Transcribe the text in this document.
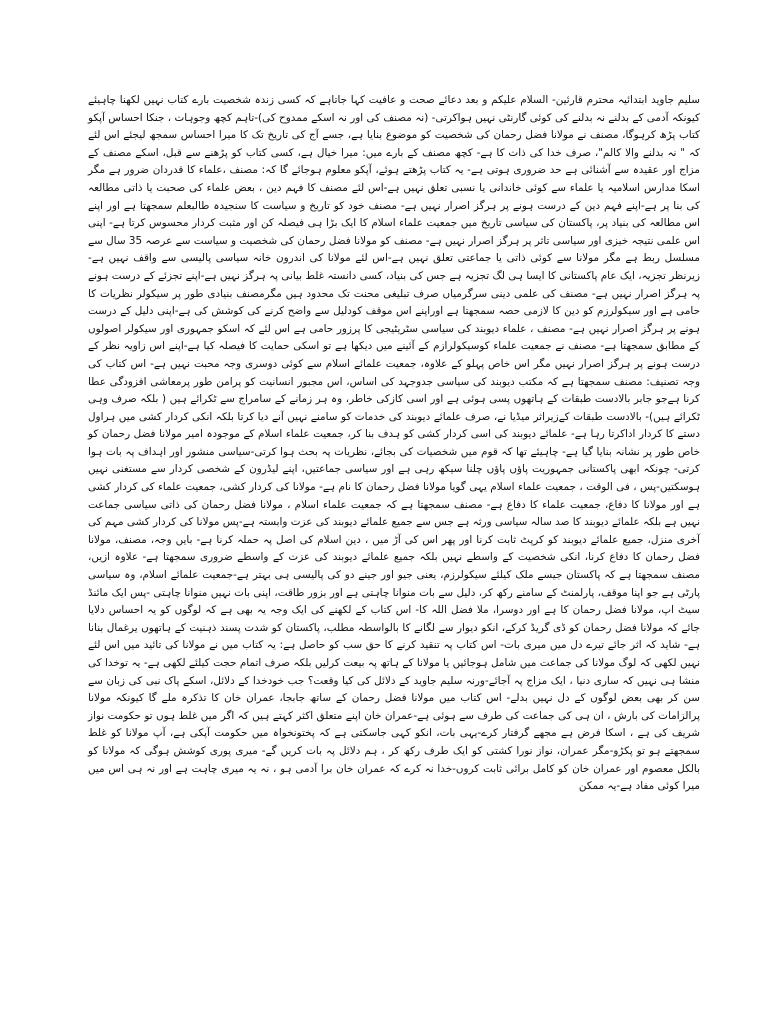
سلیم جاوید ابتدائیہ محترم قارئین- السلام علیکم و بعد دعائے صحت و عافیت کہا جاتاہے کہ کسی زندہ شخصیت بارے کتاب نہیں لکھنا چاہیئے کیونکہ آدمی کے بدلنے نہ بدلنے کی کوئی گارنٹی نہیں ہواکرتی- (نہ مصنف کی اور نہ اسکے ممدوح کی)-تاہم کچھ وجوہات ، جنکا احساس آپکو کتاب پڑھ کرہوگا، مصنف نے مولانا فضل رحمان کی شخصیت کو موضوع بنایا ہے، جسے آج کی تاریخ تک کا میرا احساس سمجھ لیجئے اس لئے کہ " نہ بدلنے والا کالم"، صرف خدا کی ذات کا ہے- کچھ مصنف کے بارے میں: میرا خیال ہے، کسی کتاب کو پڑھنے سے قبل، اسکے مصنف کے مزاج اور عقیدہ سے آشنائی ہے حد ضروری ہوتی ہے- یہ کتاب پڑھتے ہوئے، آپکو معلوم ہوجائے گا کہ: مصنف ،علماء کا قدردان ضرور ہے مگر اسکا مدارس اسلامیہ یا علماء سے کوئی خاندانی یا نسبی تعلق نہیں ہے-اس لئے مصنف کا فہم دین ، بعض علماء کی صحبت یا ذاتی مطالعہ کی بنا پر ہے-اپنے فہم دین کے درست ہونے پر ہرگز اصرار نہیں ہے- مصنف خود کو تاریخ و سیاست کا سنجیدہ طالبعلم سمجھتا ہے اور اپنے اس مطالعہ کی بنیاد پر، پاکستان کی سیاسی تاریخ میں جمعیت علماء اسلام کا ایک بڑا ہی فیصلہ کن اور مثبت کردار محسوس کرتا ہے- اپنی اس علمی نتیجہ خیزی اور سیاسی تاثر پر ہرگز اصرار نہیں ہے- مصنف کو مولانا فضل رحمان کی شخصیت و سیاست سے عرصہ 35 سال سے مسلسل ربط ہے مگر مولانا سے کوئی ذاتی یا جماعتی تعلق نہیں ہے-اس لئے مولانا کی اندرون خانہ سیاسی پالیسی سے واقف نہیں ہے-زیرنظر تجزیہ، ایک عام پاکستانی کا ایسا ہی لگ تجزیہ ہے جس کی بنیاد، کسی دانستہ غلط بیانی پہ ہرگز نہیں ہے-اپنے تجزئے کے درست ہونے پہ ہرگز اصرار نہیں ہے- مصنف کی علمی دینی سرگرمیاں صرف تبلیغی محنت تک محدود ہیں مگرمصنف بنیادی طور پر سیکولر نظریات کا حامی ہے اور سیکولرزم کو دین کا لازمی حصہ سمجھتا ہے اوراپنے اس موقف کودلیل سے واضح کرنے کی کوشش کی ہے-اپنی دلیل کے درست ہونے پر ہرگز اصرار نہیں ہے- مصنف ، علماء دیوبند کی سیاسی سٹریٹیجی کا پرزور حامی ہے اس لئے کہ اسکو جمہوری اور سیکولر اصولوں کے مطابق سمجھتا ہے- مصنف نے جمعیت علماء کوسیکولرازم کے آئینے میں دیکھا ہے تو اسکی حمایت کا فیصلہ کیا ہے-اپنے اس زاویہ نظر کے درست ہونے پر ہرگز اصرار نہیں مگر اس خاص پہلو کے علاوہ، جمعیت علمائے اسلام سے کوئی دوسری وجہ محبت نہیں ہے- اس کتاب کی وجہ تصنیف: مصنف سمجھتا ہے کہ مکتب دیوبند کی سیاسی جدوجہد کی اساس، اس مجبور انسانیت کو پرامن طور پرمعاشی افزودگی عطا کرنا ہےجو جابر بالادست طبقات کے ہاتھوں پسی ہوئی ہے اور اسی کازکی خاطر، وہ ہر زمانے کے سامراج سے ٹکرائے ہیں ( بلکہ صرف وہی ٹکرائے ہیں)- بالادست طبقات کےزیراثر میڈیا نے، صرف علمائے دیوبند کی خدمات کو سامنے نہیں آنے دیا کرتا بلکہ انکی کردار کشی میں ہراول دستے کا کردار اداکرتا رہا ہے- علمائے دیوبند کی اسی کردار کشی کو ہدف بنا کر، جمعیت علماء اسلام کے موجودہ امیر مولانا فضل رحمان کو خاص طور پر نشانہ بنایا گیا ہے- چاہیئے تھا کہ قوم میں شخصیات کی بجائے، نظریات پہ بحث ہوا کرتی-سیاسی منشور اور اہداف پہ بات ہوا کرتی- چونکہ ابھی پاکستانی جمہوریت پاؤں پاؤں چلنا سیکھ رہی ہے اور سیاسی جماعتیں، اپنے لیڈرون کے شخصی کردار سے مستغنی نہیں ہوسکتیں-پس ، فی الوقت ، جمعیت علماء اسلام یہی گویا مولانا فضل رحمان کا نام ہے- مولانا کی کردار کشی، جمعیت علماء کی کردار کشی ہے اور مولانا کا دفاع، جمعیت علماء کا دفاع ہے- مصنف سمجھتا ہے کہ جمعیت علماء اسلام ، مولانا فضل رحمان کی ذاتی سیاسی جماعت نہیں ہے بلکہ علمائے دیوبند کا صد سالہ سیاسی ورثہ ہے جس سے جمیع علمائے دیوبند کی عزت وابستہ ہے-پس مولانا کی کردار کشی مہم کی آخری منزل، جمیع علمائے دیوبند کو کرپٹ ثابت کرنا اور پھر اس کی آڑ میں ، دین اسلام کی اصل پہ حملہ کرنا ہے- بایں وجہ، مصنف، مولانا فضل رحمان کا دفاع کرنا، انکی شخصیت کے واسطے نہیں بلکہ جمیع علمائے دیوبند کی عزت کے واسطے ضروری سمجھتا ہے- علاوہ ازیں، مصنف سمجھتا ہے کہ پاکستان جیسے ملک کیلئے سیکولرزم، یعنی جیو اور جینے دو کی پالیسی ہی بہتر ہے-جمعیت علمائے اسلام، وہ سیاسی پارٹی ہے جو اپنا موقف، پارلمنٹ کے سامنے رکھ کر، دلیل سے بات منوانا چاہتی ہے اور بزور طاقت، اپنی بات نہیں منوانا چاہتی -پس ایک مائنڈ سیٹ اپ، مولانا فضل رحمان کا ہے اور دوسرا، ملا فضل اللہ کا- اس کتاب کے لکھنے کی ایک وجہ یہ بھی ہے کہ لوگوں کو یہ احساس دلایا جائے کہ مولانا فضل رحمان کو ڈی گریڈ کرکے، انکو دیوار سے لگانے کا بالواسطہ مطلب، پاکستان کو شدت پسند ذہنیت کے ہاتھوں یرغمال بنانا ہے- شاید کہ اثر جائے تیرے دل میں میری بات- اس کتاب پہ تنقید کرنے کا حق سب کو حاصل ہے: یہ کتاب میں نے مولانا کی تائید میں اس لئے نہیں لکھی کہ لوگ مولانا کی جماعت میں شامل ہوجائیں یا مولانا کے ہاتھ پہ بیعت کرلیں بلکہ صرف اتمام حجت کیلئے لکھی ہے- یہ توخدا کی منشا ہی نہیں کہ ساری دنیا ، ایک مزاج پہ آجائے-ورنہ سلیم جاوید کے دلائل کی کیا وقعت؟ جب خودخدا کے دلائل، اسکے پاک نبی کی زبان سے سن کر بھی بعض لوگوں کے دل نہیں بدلے- اس کتاب میں مولانا فضل رحمان کے ساتھ جابجا، عمران خان کا تذکرہ ملے گا کیونکہ مولانا پرالزامات کی بارش ، ان ہی کی جماعت کی طرف سے ہوئی ہے-عمران خان اپنے متعلق اکثر کہتے ہیں کہ اگر میں غلط ہوں تو حکومت نواز شریف کی ہے ، اسکا فرض ہے مجھے گرفتار کرے-یہی بات، انکو کہی جاسکتی ہے کہ پختونخواہ میں حکومت آپکی ہے، آپ مولانا کو غلط سمجھتے ہو تو پکڑو-مگر عمران، نواز نورا کشتی کو ایک طرف رکھ کر ، ہم دلائل پہ بات کریں گے- میری پوری کوشش ہوگی کہ مولانا کو بالکل معصوم اور عمران خان کو کامل برائی ثابت کروں-خدا نہ کرے کہ عمران خان برا آدمی ہو ، نہ یہ میری چاہت ہے اور نہ ہی اس میں میرا کوئی مفاد ہے-یہ ممکن
